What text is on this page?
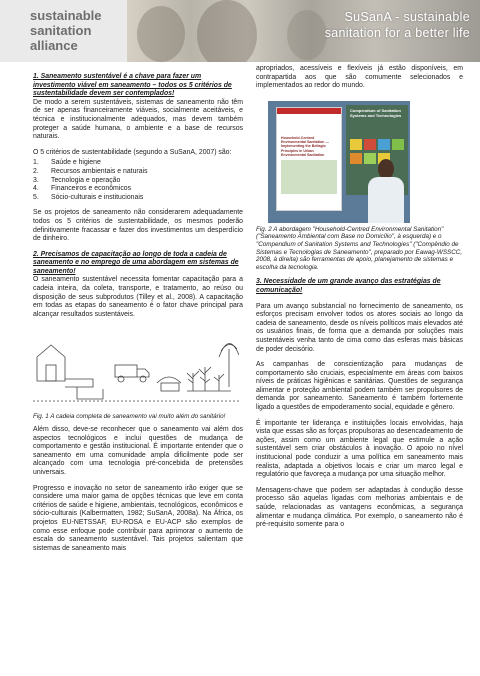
sustainable
sanitation
alliance
SuSanA - sustainable
sanitation for a better life
1. Saneamento sustentável é a chave para fazer um investimento viável em saneamento – todos os 5 critérios de sustentabilidade devem ser contemplados!
De modo a serem sustentáveis, sistemas de saneamento não têm de ser apenas financeiramente viáveis, socialmente aceitáveis, e técnica e institucionalmente adequados, mas devem também proteger a saúde humana, o ambiente e a base de recursos naturais.
O 5 critérios de sustentabilidade (segundo a SuSanA, 2007) são:
1.	Saúde e higiene
2.	Recursos ambientais e naturais
3.	Tecnologia e operação
4.	Financeiros e econômicos
5.	Sócio-culturais e institucionais
Se os projetos de saneamento não considerarem adequadamente todos os 5 critérios de sustentabilidade, os mesmos poderão definitivamente fracassar e fazer dos investimentos um desperdício de dinheiro.
2. Precisamos de capacitação ao longo de toda a cadeia de saneamento e no emprego de uma abordagem em sistemas de saneamento!
O saneamento sustentável necessita fomentar capacitação para a cadeia inteira, da coleta, transporte, e tratamento, ao reúso ou disposição de seus subprodutos (Tilley et al., 2008). A capacitação em todas as etapas do saneamento é o fator chave principal para alcançar resultados sustentáveis.
Fig. 1 A cadeia completa de saneamento vai muito além do sanitário!
Além disso, deve-se reconhecer que o saneamento vai além dos aspectos tecnológicos e inclui questões de mudança de comportamento e gestão institucional. É importante entender que o saneamento em uma comunidade ampla dificilmente pode ser alcançado com uma tecnologia pré-concebida de pretensões universais.
Progresso e inovação no setor de saneamento irão exiger que se considere uma maior gama de opções técnicas que leve em conta critérios de saúde e higiene, ambientais, tecnológicos, econômicos e sócio-culturais (Kalbermatten, 1982; SuSanA, 2008a). Na África, os projetos EU-NETSSAF, EU-ROSA e EU-ACP são exemplos de como esse enfoque pode contribuir para aprimorar o aumento de escala do saneamento sustentável. Tais projetos salientam que sistemas de saneamento mais
apropriados, acessíveis e flexíveis já estão disponíveis, em contrapartida aos que são comumente selecionados e implementados ao redor do mundo.
Household-Centred Environmental Sanitation — Implementing the Bellagio Principles in Urban Environmental Sanitation
Compendium of Sanitation Systems and Technologies
Fig. 2 A abordagem "Household-Centred Environmental Sanitation" ("Saneamento Ambiental com Base no Domicílio", à esquerda) e o "Compendium of Sanitation Systems and Technologies" ("Compêndio de Sistemas e Tecnologias de Saneamento", preparado por Eawag-WSSCC, 2008, à direita) são ferramentas de apoio, planejamento de sistemas e escolha da tecnologia.
3. Necessidade de um grande avanço das estratégias de comunicação!
Para um avanço substancial no fornecimento de saneamento, os esforços precisam envolver todos os atores sociais ao longo da cadeia de saneamento, desde os níveis políticos mais elevados até os usuários finais, de forma que a demanda por soluções mais sustentáveis venha tanto de cima como das esferas mais básicas de poder decisório.
As campanhas de conscientização para mudanças de comportamento são cruciais, especialmente em áreas com baixos níveis de práticas higiênicas e sanitárias. Questões de segurança alimentar e proteção ambiental podem também ser propulsores de demanda por saneamento. Saneamento é também fortemente ligado a questões de empoderamento social, equidade e gênero.
É importante ter liderança e instituições locais envolvidas, haja vista que essas são as forças propulsoras ao desencadeamento de ações, assim como um ambiente legal que estimule a ação sustentável sem criar obstáculos à inovação. O apoio no nível institucional pode conduzir a uma política em saneamento mais realista, adaptada a objetivos locais e criar um marco legal e regulatório que favoreça a mudança por uma situação melhor.
Mensagens-chave que podem ser adaptadas à condução desse processo são aquelas ligadas com melhorias ambientais e de saúde, relacionadas as vantagens econômicas, a segurança alimentar e mudança climática. Por exemplo, o saneamento não é pré-requisito somente para o
